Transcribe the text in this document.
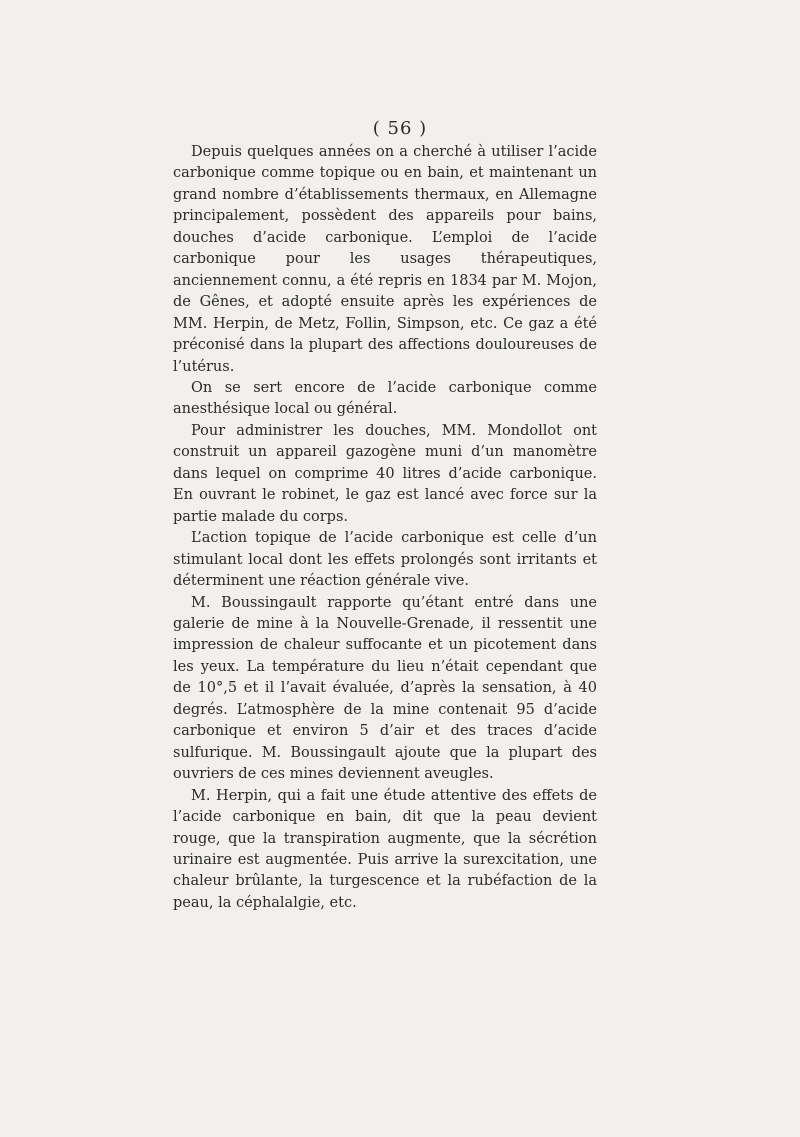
( 56 )

Depuis quelques années on a cherché à utiliser l’acide carbonique comme topique ou en bain, et maintenant un grand nombre d’établissements thermaux, en Allemagne principalement, possèdent des appareils pour bains, douches d’acide carbonique. L’emploi de l’acide carbonique pour les usages thérapeutiques, anciennement connu, a été repris en 1834 par M. Mojon, de Gênes, et adopté ensuite après les expériences de MM. Herpin, de Metz, Follin, Simpson, etc. Ce gaz a été préconisé dans la plupart des affections douloureuses de l’utérus.

On se sert encore de l’acide carbonique comme anesthésique local ou général.

Pour administrer les douches, MM. Mondollot ont construit un appareil gazogène muni d’un manomètre dans lequel on comprime 40 litres d’acide carbonique. En ouvrant le robinet, le gaz est lancé avec force sur la partie malade du corps.

L’action topique de l’acide carbonique est celle d’un stimulant local dont les effets prolongés sont irritants et déterminent une réaction générale vive.

M. Boussingault rapporte qu’étant entré dans une galerie de mine à la Nouvelle-Grenade, il ressentit une impression de chaleur suffocante et un picotement dans les yeux. La température du lieu n’était cependant que de 10°,5 et il l’avait évaluée, d’après la sensation, à 40 degrés. L’atmosphère de la mine contenait 95 d’acide carbonique et environ 5 d’air et des traces d’acide sulfurique. M. Boussingault ajoute que la plupart des ouvriers de ces mines deviennent aveugles.

M. Herpin, qui a fait une étude attentive des effets de l’acide carbonique en bain, dit que la peau devient rouge, que la transpiration augmente, que la sécrétion urinaire est augmentée. Puis arrive la surexcitation, une chaleur brûlante, la turgescence et la rubéfaction de la peau, la céphalalgie, etc.
